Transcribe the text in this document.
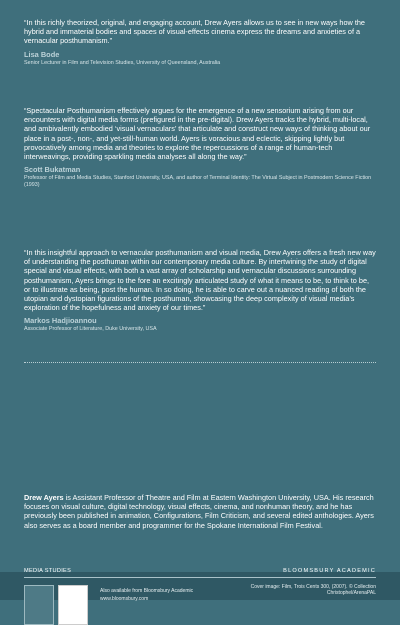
“In this richly theorized, original, and engaging account, Drew Ayers allows us to see in new ways how the hybrid and immaterial bodies and spaces of visual-effects cinema express the dreams and anxieties of a vernacular posthumanism.”

Lisa Bode

Senior Lecturer in Film and Television Studies, University of Queensland, Australia

“Spectacular Posthumanism effectively argues for the emergence of a new sensorium arising from our encounters with digital media forms (prefigured in the pre-digital). Drew Ayers tracks the hybrid, multi-local, and ambivalently embodied ‘visual vernaculars’ that articulate and construct new ways of thinking about our place in a post-, non-, and yet-still-human world. Ayers is voracious and eclectic, skipping lightly but provocatively among media and theories to explore the repercussions of a range of human-tech interweavings, providing sparkling media analyses all along the way.”

Scott Bukatman

Professor of Film and Media Studies, Stanford University, USA, and author of Terminal Identity: The Virtual Subject in Postmodern Science Fiction (1993)

“In this insightful approach to vernacular posthumanism and visual media, Drew Ayers offers a fresh new way of understanding the posthuman within our contemporary media culture. By intertwining the study of digital special and visual effects, with both a vast array of scholarship and vernacular discussions surrounding posthumanism, Ayers brings to the fore an excitingly articulated study of what it means to be, to think to be, or to illustrate as being, post the human. In so doing, he is able to carve out a nuanced reading of both the utopian and dystopian figurations of the posthuman, showcasing the deep complexity of visual media’s exploration of the hopefulness and anxiety of our times.”

Markos Hadjioannou

Associate Professor of Literature, Duke University, USA

Drew Ayers is Assistant Professor of Theatre and Film at Eastern Washington University, USA. His research focuses on visual culture, digital technology, visual effects, cinema, and nonhuman theory, and he has previously been published in animation, Configurations, Film Criticism, and several edited anthologies. Ayers also serves as a board member and programmer for the Spokane International Film Festival.

MEDIA STUDIES	BLOOMSBURY ACADEMIC
Also available from Bloomsbury Academic
www.bloomsbury.com
Cover image: Film, Trois Cents 300, (2007). © Collection Christophel/ArenaPAL
